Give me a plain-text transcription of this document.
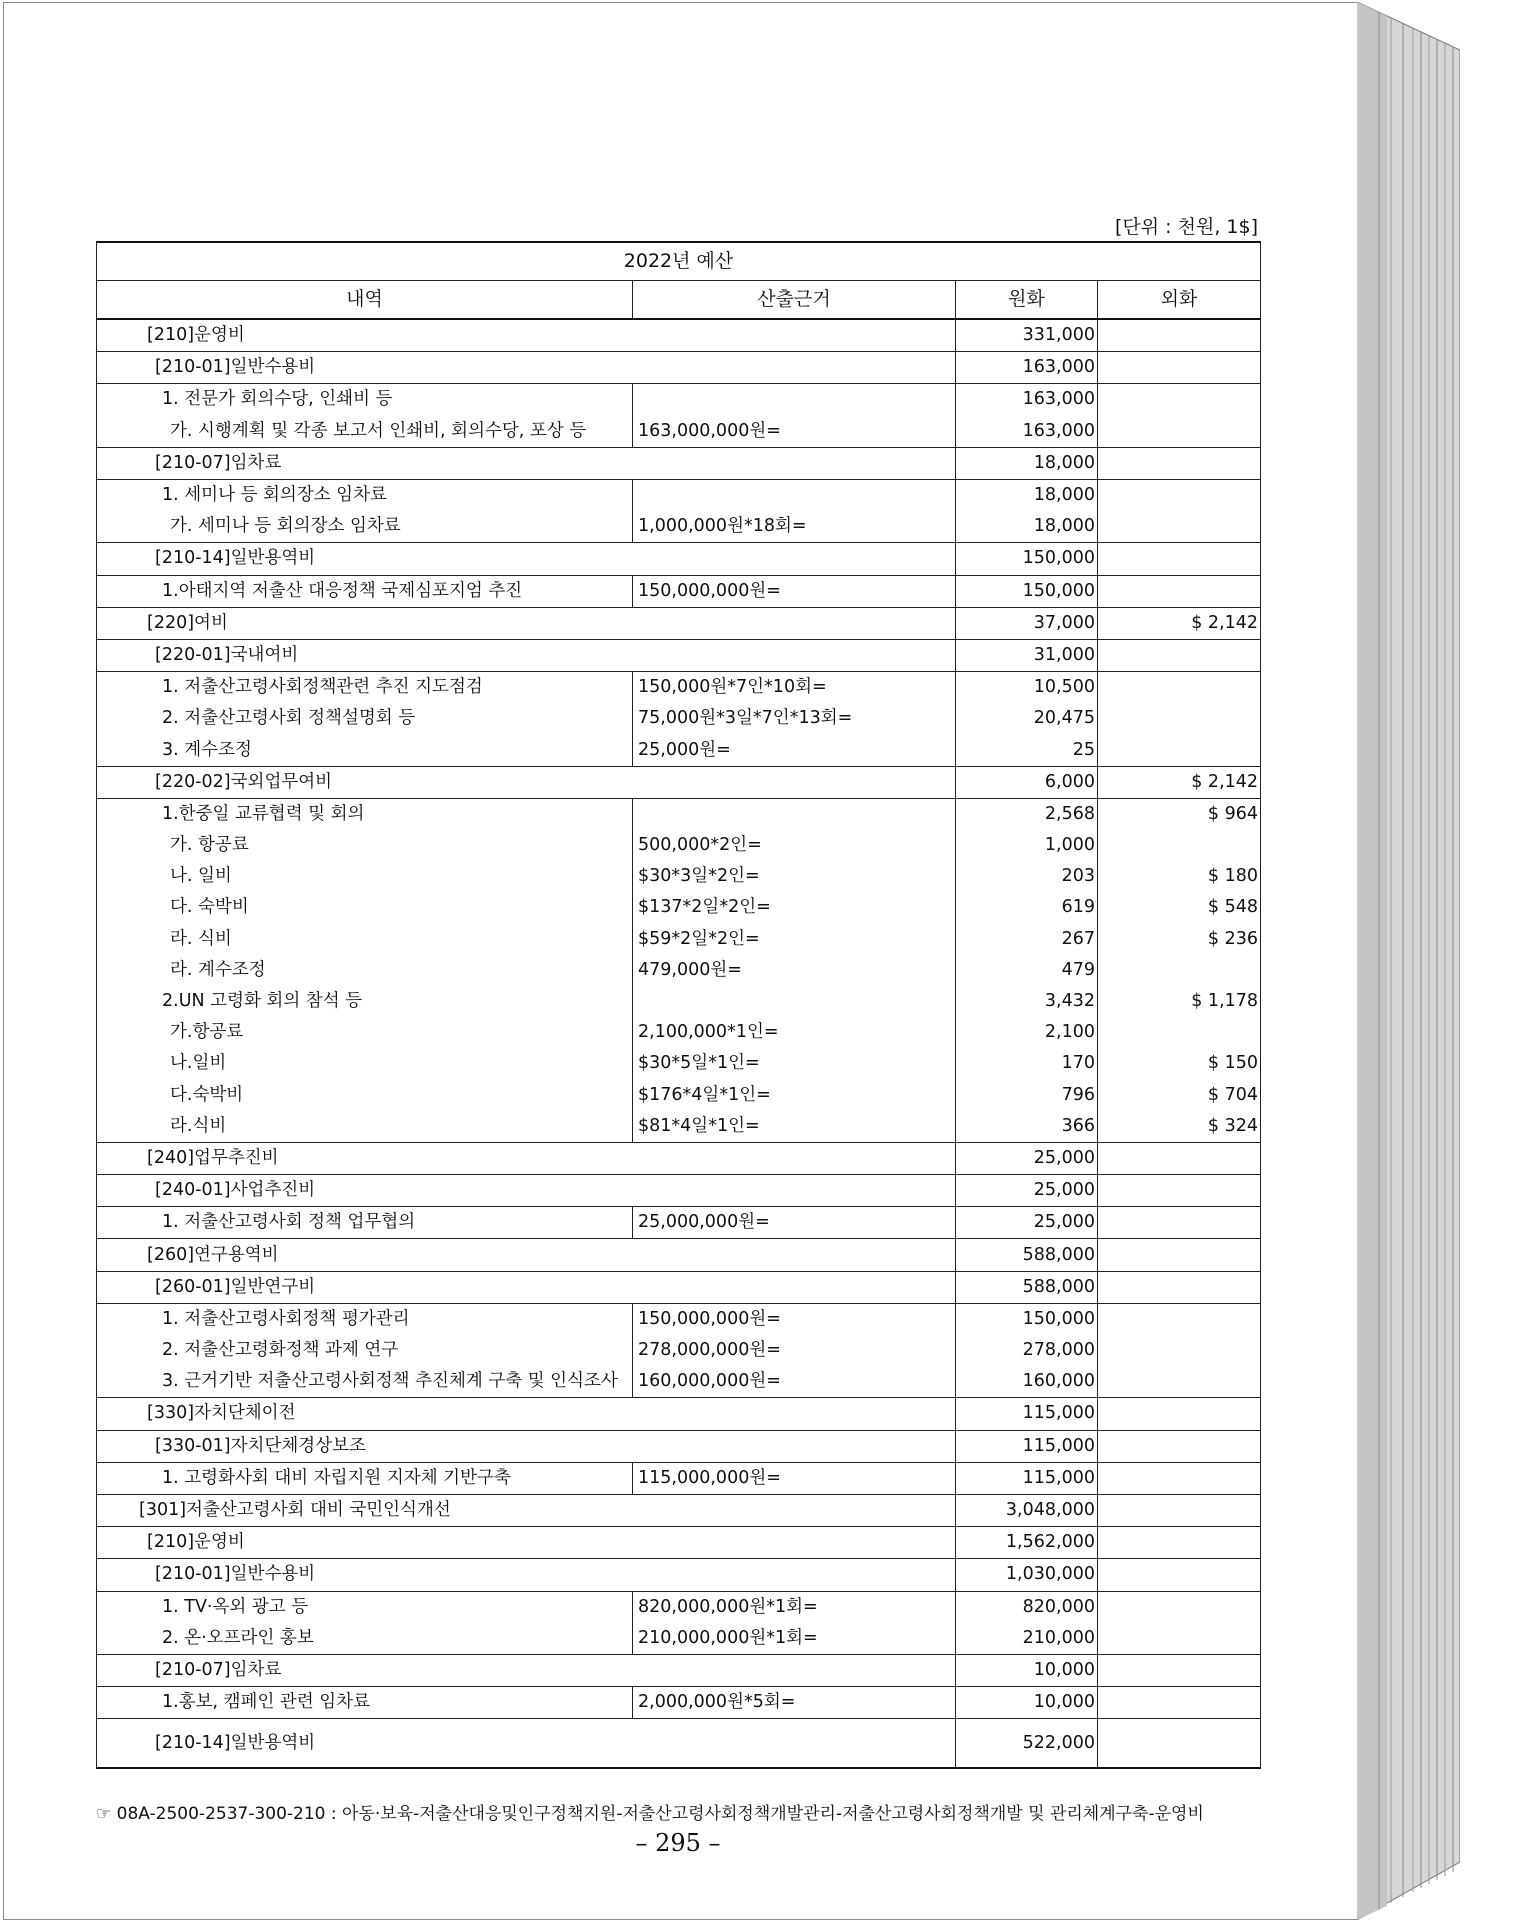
[단위 : 천원, 1$]
2022년 예산			
내역	산출근거	원화	외화
[210]운영비		331,000	
[210-01]일반수용비		163,000	
1. 전문가 회의수당, 인쇄비 등		163,000	
가. 시행계획 및 각종 보고서 인쇄비, 회의수당, 포상 등	163,000,000원=	163,000	
[210-07]임차료		18,000	
1. 세미나 등 회의장소 임차료		18,000	
가. 세미나 등 회의장소 임차료	1,000,000원*18회=	18,000	
[210-14]일반용역비		150,000	
1.아태지역 저출산 대응정책 국제심포지엄 추진	150,000,000원=	150,000	
[220]여비		37,000	$ 2,142
[220-01]국내여비		31,000	
1. 저출산고령사회정책관련 추진 지도점검	150,000원*7인*10회=	10,500	
2. 저출산고령사회 정책설명회 등	75,000원*3일*7인*13회=	20,475	
3. 계수조정	25,000원=	25	
[220-02]국외업무여비		6,000	$ 2,142
1.한중일 교류협력 및 회의		2,568	$ 964
가. 항공료	500,000*2인=	1,000	
나. 일비	$30*3일*2인=	203	$ 180
다. 숙박비	$137*2일*2인=	619	$ 548
라. 식비	$59*2일*2인=	267	$ 236
라. 계수조정	479,000원=	479	
2.UN 고령화 회의 참석 등		3,432	$ 1,178
가.항공료	2,100,000*1인=	2,100	
나.일비	$30*5일*1인=	170	$ 150
다.숙박비	$176*4일*1인=	796	$ 704
라.식비	$81*4일*1인=	366	$ 324
[240]업무추진비		25,000	
[240-01]사업추진비		25,000	
1. 저출산고령사회 정책 업무협의	25,000,000원=	25,000	
[260]연구용역비		588,000	
[260-01]일반연구비		588,000	
1. 저출산고령사회정책 평가관리	150,000,000원=	150,000	
2. 저출산고령화정책 과제 연구	278,000,000원=	278,000	
3. 근거기반 저출산고령사회정책 추진체계 구축 및 인식조사	160,000,000원=	160,000	
[330]자치단체이전		115,000	
[330-01]자치단체경상보조		115,000	
1. 고령화사회 대비 자립지원 지자체 기반구축	115,000,000원=	115,000	
[301]저출산고령사회 대비 국민인식개선		3,048,000	
[210]운영비		1,562,000	
[210-01]일반수용비		1,030,000	
1. TV·옥외 광고 등	820,000,000원*1회=	820,000	
2. 온·오프라인 홍보	210,000,000원*1회=	210,000	
[210-07]임차료		10,000	
1.홍보, 캠페인 관련 임차료	2,000,000원*5회=	10,000	
[210-14]일반용역비		522,000	
☞ 08A-2500-2537-300-210 : 아동·보육-저출산대응및인구정책지원-저출산고령사회정책개발관리-저출산고령사회정책개발 및 관리체계구축-운영비
– 295 –
